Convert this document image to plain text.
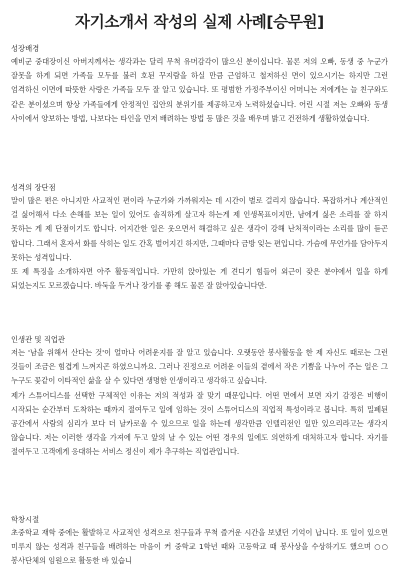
자기소개서 작성의 실제 사례[승무원]
성장배경

예비군 중대장이신 아버지께서는 생각과는 달리 무척 유머감각이 많으신 분이십니다. 물론 저의 오빠, 동생 중 누군가 잘못을 하게 되면 가족들 모두를 불러 호된 꾸지람을 하실 만큼 근엄하고 철저하신 면이 있으시기는 하지만 그런 엄격하신 이면에 따뜻한 사랑은 가족들 모두 잘 알고 있습니다. 또 평범한 가정주부이신 어머니는 저에게는 늘 친구와도 같은 분이셨으며 항상 가족들에게 안정적인 집안의 분위기를 제공하고자 노력하셨습니다. 어린 시절 저는 오빠와 동생 사이에서 양보하는 방법, 나보다는 타인을 먼저 배려하는 방법 등 많은 것을 배우며 밝고 건전하게 생활하였습니다.

성격의 장단점

말이 많은 편은 아니지만 사교적인 편이라 누군가와 가까워지는 데 시간이 별로 걸리지 않습니다. 복잡하거나 계산적인 걸 싫어해서 다소 손해를 보는 일이 있어도 솔직하게 살고자 하는게 제 인생목표이지만, 남에게 싫은 소리를 잘 하지 못하는 게 제 단점이기도 합니다. 어지간한 일은 웃으면서 해결하고 싶은 생각이 강해 난처적이라는 소리를 많이 듣곤 합니다. 그래서 혼자서 화를 삭히는 일도 간혹 벌어지긴 하지만, 그때마다 금방 잊는 편입니다. 가슴에 무언가를 담아두지 못하는 성격입니다.

또 제 특징을 소개하자면 아주 활동적입니다. 가만히 앉아있는 게 견디기 힘들어 외근이 잦은 분야에서 일을 하게 되었는지도 모르겠습니다. 바둑을 두거나 장기를 좋 해도 물론 잘 앉아있습니다만.

인생관 및 직업관

저는 '남을 위해서 산다는 것'이 얼마나 어려운지를 잘 알고 있습니다. 오랫동안 봉사활동을 한 제 자신도 때로는 그런 것들이 조금은 힘겹게 느껴지곤 하였으니까요. 그러나 진정으로 어려운 이들의 곁에서 작은 기쁨을 나누어 주는 일은 그 누구도 꽃같이 이타적인 삶을 살 수 있다면 생명한 인생이라고 생각하고 싶습니다.

제가 스튜어디스를 선택한 구체적인 이유는 저의 적성과 잘 맞기 때문입니다. 어떤 면에서 보면 자기 감정은 비행이 시작되는 순간부터 도착하는 때까지 절여두고 일에 임하는 것이 스튜어디스의 직업적 특성이라고 봅니다. 특히 밀폐된 공간에서 사람의 심리가 보다 더 날카로울 수 있으므로 일을 하는데 생각만큼 인텔리전인 일만 있으리라고는 생각지 않습니다. 저는 이러한 생각을 가져에 두고 앞의 날 수 있는 어떤 경우의 일에도 의연하게 대처하고자 합니다. 자기를 절여두고 고객에게 응대하는 서비스 정신이 제가 추구하는 직업관입니다.

학창시절

초중학교 재학 중에는 활발하고 사교적인 성격으로 친구들과 무척 즐거운 시간을 보냈던 기억이 납니다. 또 일이 있으면 미루지 않는 성격과 친구들을 배려하는 마음이 커 중학교 1학년 때와 고등학교 때 봉사상을 수상하기도 했으며 ○○ 봉사단체의 임원으로 활동한 바 있습니
